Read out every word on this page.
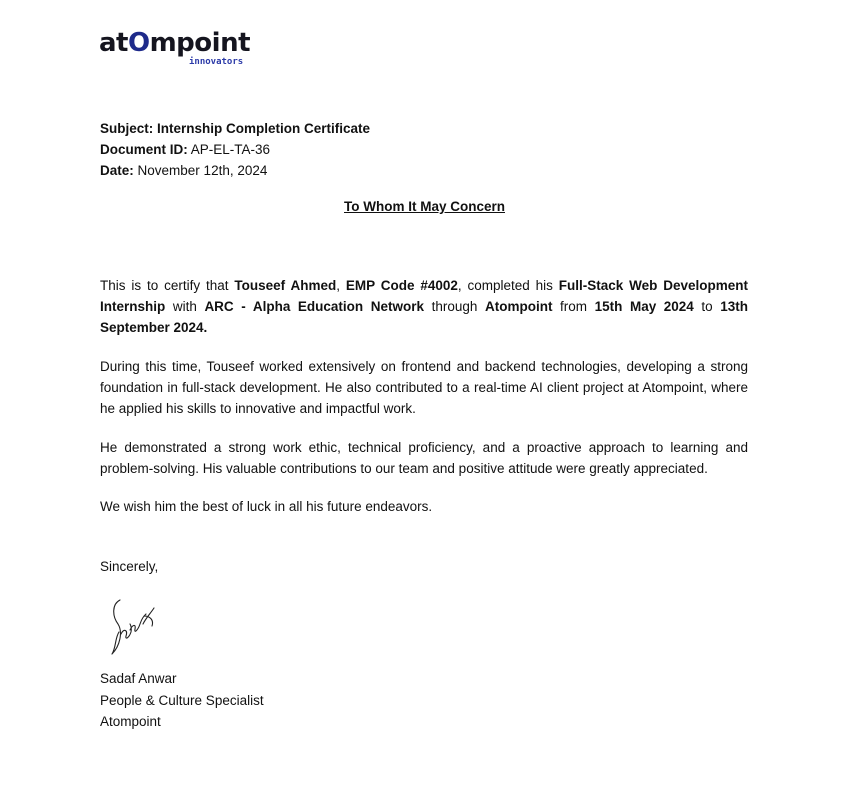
atOmpoint
innovators
Subject: Internship Completion Certificate
Document ID: AP-EL-TA-36
Date: November 12th, 2024
To Whom It May Concern

This is to certify that Touseef Ahmed, EMP Code #4002, completed his Full-Stack Web Development Internship with ARC - Alpha Education Network through Atompoint from 15th May 2024 to 13th September 2024.

During this time, Touseef worked extensively on frontend and backend technologies, developing a strong foundation in full-stack development. He also contributed to a real-time AI client project at Atompoint, where he applied his skills to innovative and impactful work.

He demonstrated a strong work ethic, technical proficiency, and a proactive approach to learning and problem-solving. His valuable contributions to our team and positive attitude were greatly appreciated.

We wish him the best of luck in all his future endeavors.

Sincerely,
Sadaf Anwar
People & Culture Specialist
Atompoint
